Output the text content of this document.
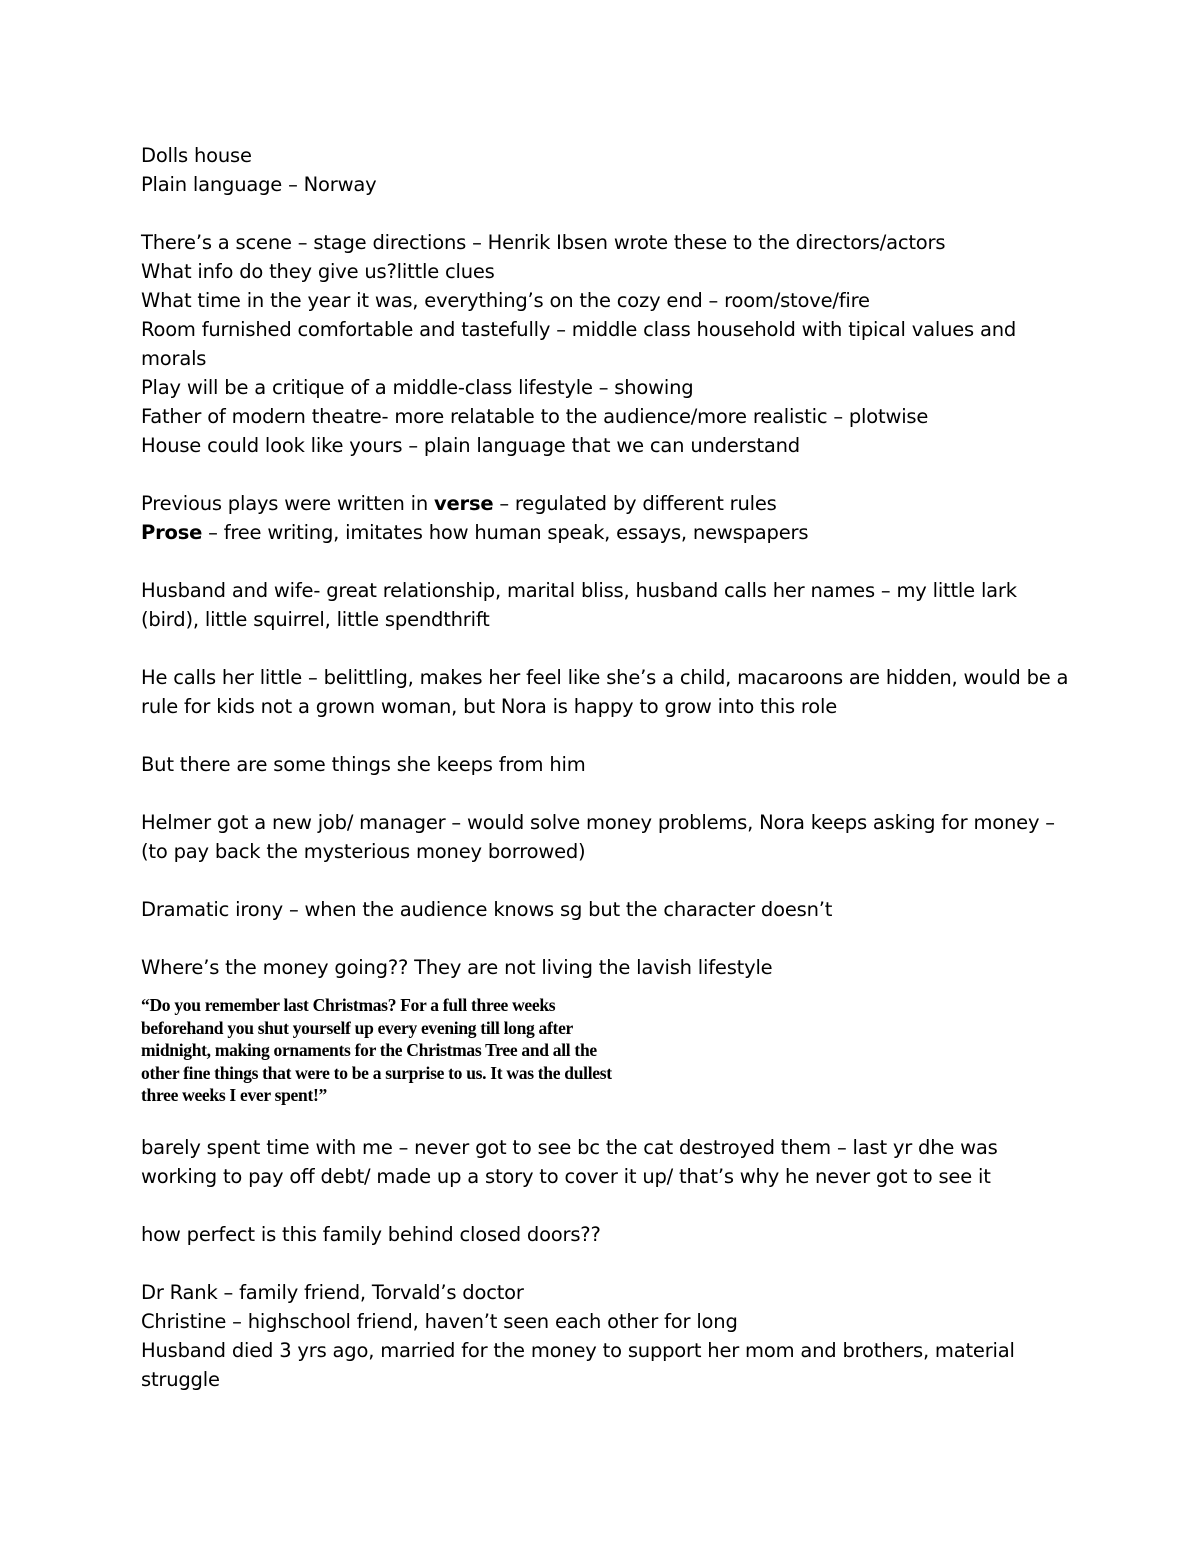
Dolls house
Plain language – Norway
There’s a scene – stage directions – Henrik Ibsen wrote these to the directors/actors
What info do they give us?little clues
What time in the year it was, everything’s on the cozy end – room/stove/fire
Room furnished comfortable and tastefully – middle class household with tipical values and
morals
Play will be a critique of a middle-class lifestyle – showing
Father of modern theatre- more relatable to the audience/more realistic – plotwise
House could look like yours – plain language that we can understand
Previous plays were written in verse – regulated by different rules
Prose – free writing, imitates how human speak, essays, newspapers
Husband and wife- great relationship, marital bliss, husband calls her names – my little lark
(bird), little squirrel, little spendthrift
He calls her little – belittling, makes her feel like she’s a child, macaroons are hidden, would be a
rule for kids not a grown woman, but Nora is happy to grow into this role
But there are some things she keeps from him
Helmer got a new job/ manager – would solve money problems, Nora keeps asking for money –
(to pay back the mysterious money borrowed)
Dramatic irony – when the audience knows sg but the character doesn’t
Where’s the money going?? They are not living the lavish lifestyle
“Do you remember last Christmas? For a full three weeks
beforehand you shut yourself up every evening till long after
midnight, making ornaments for the Christmas Tree and all the
other fine things that were to be a surprise to us. It was the dullest
three weeks I ever spent!”
barely spent time with me – never got to see bc the cat destroyed them – last yr dhe was
working to pay off debt/ made up a story to cover it up/ that’s why he never got to see it
how perfect is this family behind closed doors??
Dr Rank – family friend, Torvald’s doctor
Christine – highschool friend, haven’t seen each other for long
Husband died 3 yrs ago, married for the money to support her mom and brothers, material
struggle
